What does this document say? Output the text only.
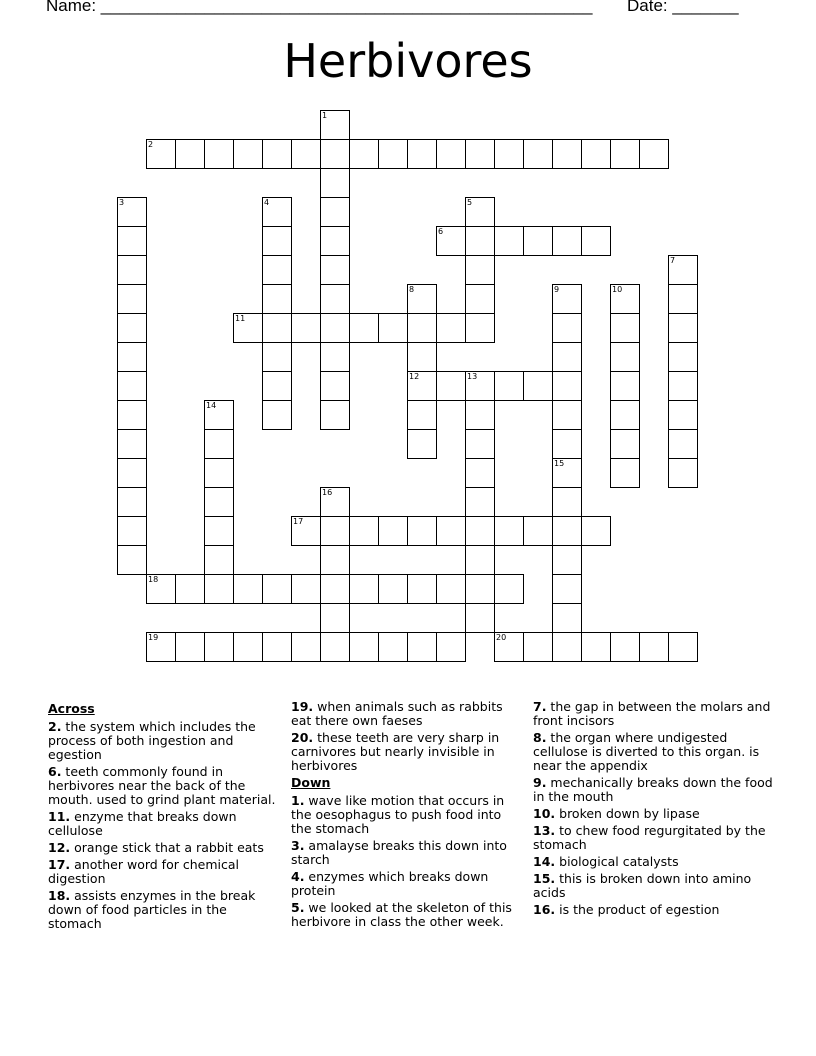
Name: ____________________________________________________ Date: _______
Herbivores
1
2
3	4	5
6
7
8
12
9	10
11
13
14
15
16
17
18
19	20
Across
2. the system which includes the process of both ingestion and egestion
6. teeth commonly found in herbivores near the back of the mouth. used to grind plant material.
11. enzyme that breaks down cellulose
12. orange stick that a rabbit eats
17. another word for chemical digestion
18. assists enzymes in the break down of food particles in the stomach
19. when animals such as rabbits eat there own faeses
20. these teeth are very sharp in carnivores but nearly invisible in herbivores
Down
1. wave like motion that occurs in the oesophagus to push food into the stomach
3. amalayse breaks this down into starch
4. enzymes which breaks down protein
5. we looked at the skeleton of this herbivore in class the other week.
7. the gap in between the molars and front incisors
8. the organ where undigested cellulose is diverted to this organ. is near the appendix
9. mechanically breaks down the food in the mouth
10. broken down by lipase
13. to chew food regurgitated by the stomach
14. biological catalysts
15. this is broken down into amino acids
16. is the product of egestion
